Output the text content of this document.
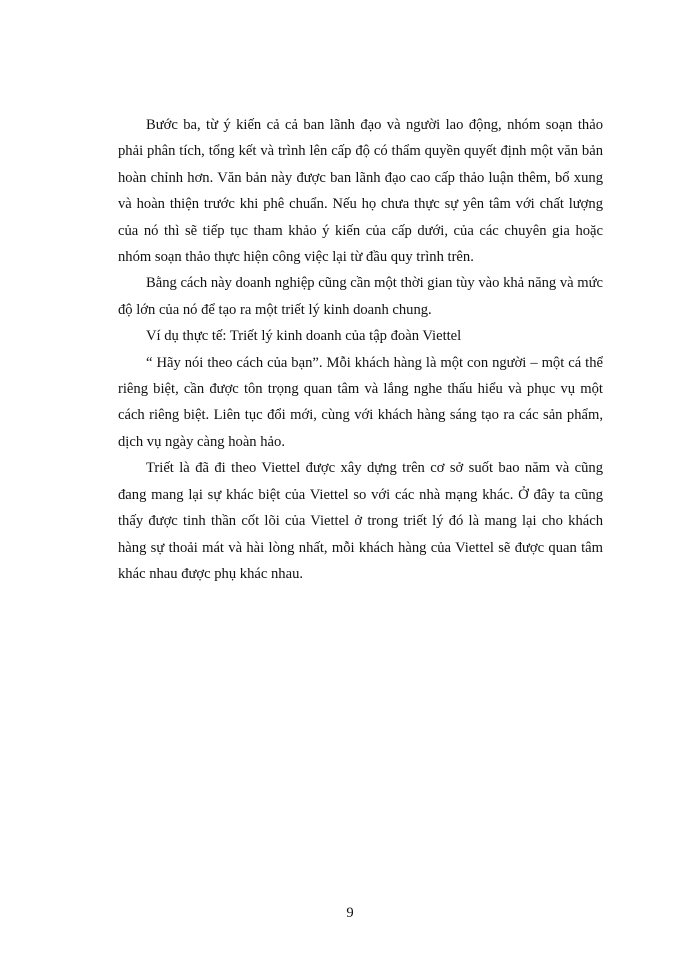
Bước ba, từ ý kiến cả cả ban lãnh đạo và người lao động, nhóm soạn thảo phải phân tích, tổng kết và trình lên cấp độ có thẩm quyền quyết định một văn bản hoàn chỉnh hơn. Văn bản này được ban lãnh đạo cao cấp thảo luận thêm, bổ xung và hoàn thiện trước khi phê chuẩn. Nếu họ chưa thực sự yên tâm với chất lượng của nó thì sẽ tiếp tục tham khảo ý kiến của cấp dưới, của các chuyên gia hoặc nhóm soạn thảo thực hiện công việc lại từ đầu quy trình trên.

Bằng cách này doanh nghiệp cũng cần một thời gian tùy vào khả năng và mức độ lớn của nó để tạo ra một triết lý kinh doanh chung.

Ví dụ thực tế: Triết lý kinh doanh của tập đoàn Viettel

“ Hãy nói theo cách của bạn”. Mỗi khách hàng là một con người – một cá thể riêng biệt, cần được tôn trọng quan tâm và lắng nghe thấu hiểu và phục vụ một cách riêng biệt. Liên tục đổi mới, cùng với khách hàng sáng tạo ra các sản phẩm, dịch vụ ngày càng hoàn hảo.

Triết là đã đi theo Viettel được xây dựng trên cơ sở suốt bao năm và cũng đang mang lại sự khác biệt của Viettel so với các nhà mạng khác. Ở đây ta cũng thấy được tinh thần cốt lõi của Viettel ở trong triết lý đó là mang lại cho khách hàng sự thoải mát và hài lòng nhất, mỗi khách hàng của Viettel sẽ được quan tâm khác nhau được phụ khác nhau.

9
